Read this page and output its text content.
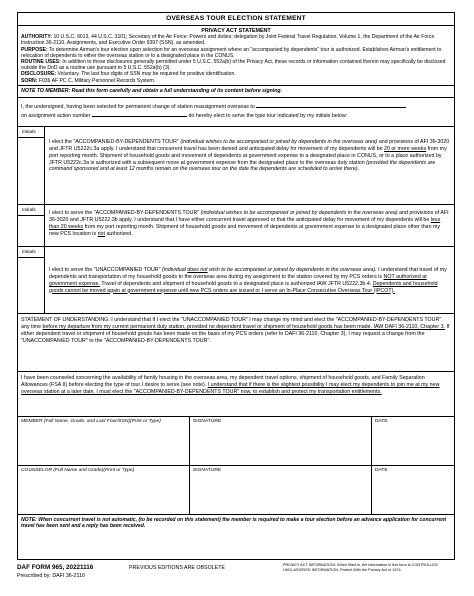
OVERSEAS TOUR ELECTION STATEMENT
PRIVACY ACT STATEMENT
AUTHORITY: 10 U.S.C. 9013, 44 U.S.C. 3101; Secretary of the Air Force: Powers and duties; delegation by Joint Federal Travel Regulation, Volume 1, the Department of the Air Force Instruction 36-2110, Assignments, and Executive Order 9397 (SSN), as amended.
PURPOSE: To determine Airman's tour election upon selection for an overseas assignment where an "accompanied by dependents" tour is authorized. Establishes Airman's entitlement to relocation of dependents to either the overseas station or to a designated place in the CONUS.
ROUTINE USES: In addition to those disclosures generally permitted under 5 U.S.C. 552a(b) of the Privacy Act, these records or information contained therein may specifically be disclosed outside the DoD as a routine use pursuant to 5 U.S.C. 552a(b) (3).
DISCLOSURE: Voluntary. The last four digits of SSN may be required for positive identification.
SORN: F036 AF PC C, Military Personnel Records System.
NOTE TO MEMBER: Read this form carefully and obtain a full understanding of its content before signing.
I, the undersigned, having been selected for permanent change of station reassignment overseas to
on assignment action number	do hereby elect to serve the type tour indicated by my initials below:
Initials
I elect the "ACCOMPANIED-BY-DEPENDENTS TOUR" (individual wishes to be accompanied or joined by dependents in the overseas area) and provisions of AFI 36-3020 and JFTR U5222c.3a apply. I understand that concurrent travel has been denied and anticipated delay for movement of my dependents will be 20 or more weeks from my port reporting month. Shipment of household goods and movement of dependents at government expense to a designated place in CONUS, or to a place authorized by JFTR U5222c.3a is authorized with a subsequent move at government expense from the designated place to the overseas duty station (provided the dependents are command sponsored and at least 12 months remain on the overseas tour on the date the dependents are scheduled to arrive there).
Initials	I elect to serve the "ACCOMPANIED-BY-DEPENDENTS TOUR" (individual wishes to be accompanied or joined by dependents in the overseas area) and provisions of AFI 36-3020 and JFTR U5222.3b apply. I understand that I have either concurrent travel approved or that the anticipated delay for movement of my dependents will be less than 20 weeks from my port reporting month. Shipment of household goods and movement of dependents at government expense to a designated place other than my new PCS location is not authorized.
Initials
I elect to serve the "UNACCOMPANIED TOUR" (individual does not wish to be accompanied or joined by dependents in the overseas area). I understand that travel of my dependents and transportation of my household goods to the overseas area during my assignment to the station covered by my PCS orders is NOT authorized at government expense. Travel of dependents and shipment of household goods to a designated place is authorized IAW JFTR U5222.3b.4. Dependents and household goods cannot be moved again at government expense until new PCS orders are issued or I serve an In-Place Consecutive Overseas Tour (IPCOT).
STATEMENT OF UNDERSTANDING: I understand that if I elect the "UNACCOMPANIED TOUR" I may change my mind and elect the "ACCOMPANIED-BY-DEPENDENTS TOUR" any time before my departure from my current permanent duty station, provided no dependent travel or shipment of household goods has been made. IAW DAFI 36-2110, Chapter 3. If either dependent travel or shipment of household goods has been made on the basis of my PCS orders (refer to DAFI 36-2110, Chapter 3), I may request a change from the "UNACCOMPANIED TOUR" to the "ACCOMPANIED-BY-DEPENDENTS TOUR".
I have been counseled concerning the availability of family housing in the overseas area, my dependent travel options, shipment of household goods, and Family Separation Allowances (FSA II) before electing the type of tour I desire to serve (see note). I understand that if there is the slightest possibility I may elect my dependents to join me at my new overseas station at a later date, I must elect the "ACCOMPANIED-BY-DEPENDENTS TOUR" now, to establish and protect my transportation entitlements.
MEMBER (Full Name, Grade, and Last Four/SSN)(Print or Type)	SIGNATURE	DATE
COUNSELOR (Full Name and Grade)(Print or Type)	SIGNATURE	DATE
NOTE: When concurrent travel is not automatic, (to be recorded on this statement) the member is required to make a tour election before an advance application for concurrent travel has been sent and a reply has been received.
DAF FORM 965, 20221116
Prescribed by: DAFI 36-2110
PREVIOUS EDITIONS ARE OBSOLETE	PRIVACY ACT INFORMATION: When filled in, the information in this form is CONTROLLED UNCLASSIFIED INFORMATION. Protect With the Privacy Act of 1974.
